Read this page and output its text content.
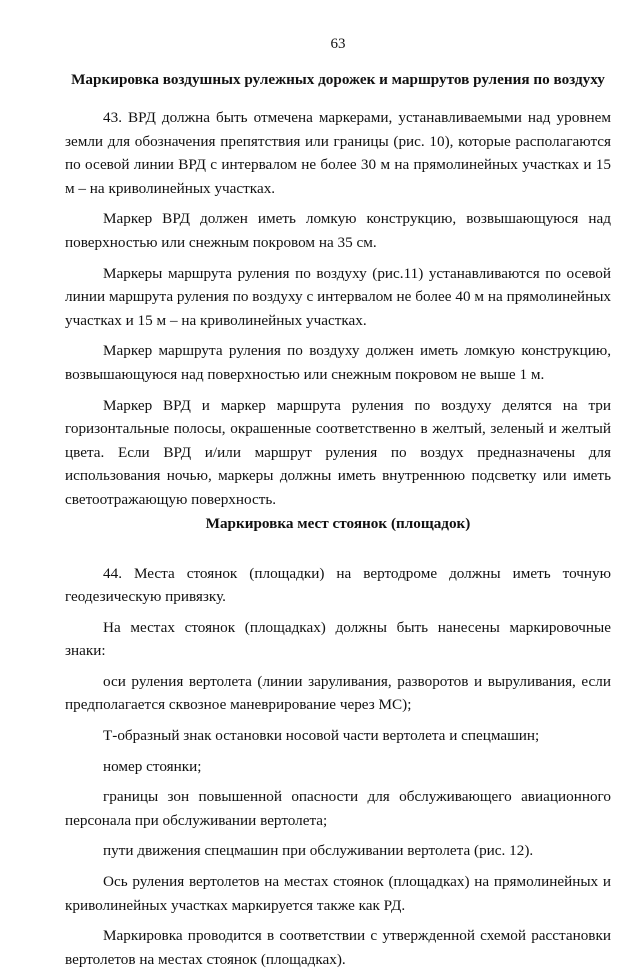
63
Маркировка воздушных рулежных дорожек и маршрутов руления по воздуху

43. ВРД должна быть отмечена маркерами, устанавливаемыми над уровнем земли для обозначения препятствия или границы (рис. 10), которые располагаются по осевой линии ВРД с интервалом не более 30 м на прямолинейных участках и 15 м – на криволинейных участках.

Маркер ВРД должен иметь ломкую конструкцию, возвышающуюся над поверхностью или снежным покровом на 35 см.

Маркеры маршрута руления по воздуху (рис.11) устанавливаются по осевой линии маршрута руления по воздуху с интервалом не более 40 м на прямолинейных участках и 15 м – на криволинейных участках.

Маркер маршрута руления по воздуху должен иметь ломкую конструкцию, возвышающуюся над поверхностью или снежным покровом не выше 1 м.

Маркер ВРД и маркер маршрута руления по воздуху делятся на три горизонтальные полосы, окрашенные соответственно в желтый, зеленый и желтый цвета. Если ВРД и/или маршрут руления по воздух предназначены для использования ночью, маркеры должны иметь внутреннюю подсветку или иметь светоотражающую поверхность.

Маркировка мест стоянок (площадок)

44. Места стоянок (площадки) на вертодроме должны иметь точную геодезическую привязку.

На местах стоянок (площадках) должны быть нанесены маркировочные знаки:

оси руления вертолета (линии заруливания, разворотов и выруливания, если предполагается сквозное маневрирование через МС);

Т-образный знак остановки носовой части вертолета и спецмашин;

номер стоянки;

границы зон повышенной опасности для обслуживающего авиационного персонала при обслуживании вертолета;

пути движения спецмашин при обслуживании вертолета (рис. 12).

Ось руления вертолетов на местах стоянок (площадках) на прямолинейных и криволинейных участках маркируется также как РД.

Маркировка проводится в соответствии с утвержденной схемой расстановки вертолетов на местах стоянок (площадках).
